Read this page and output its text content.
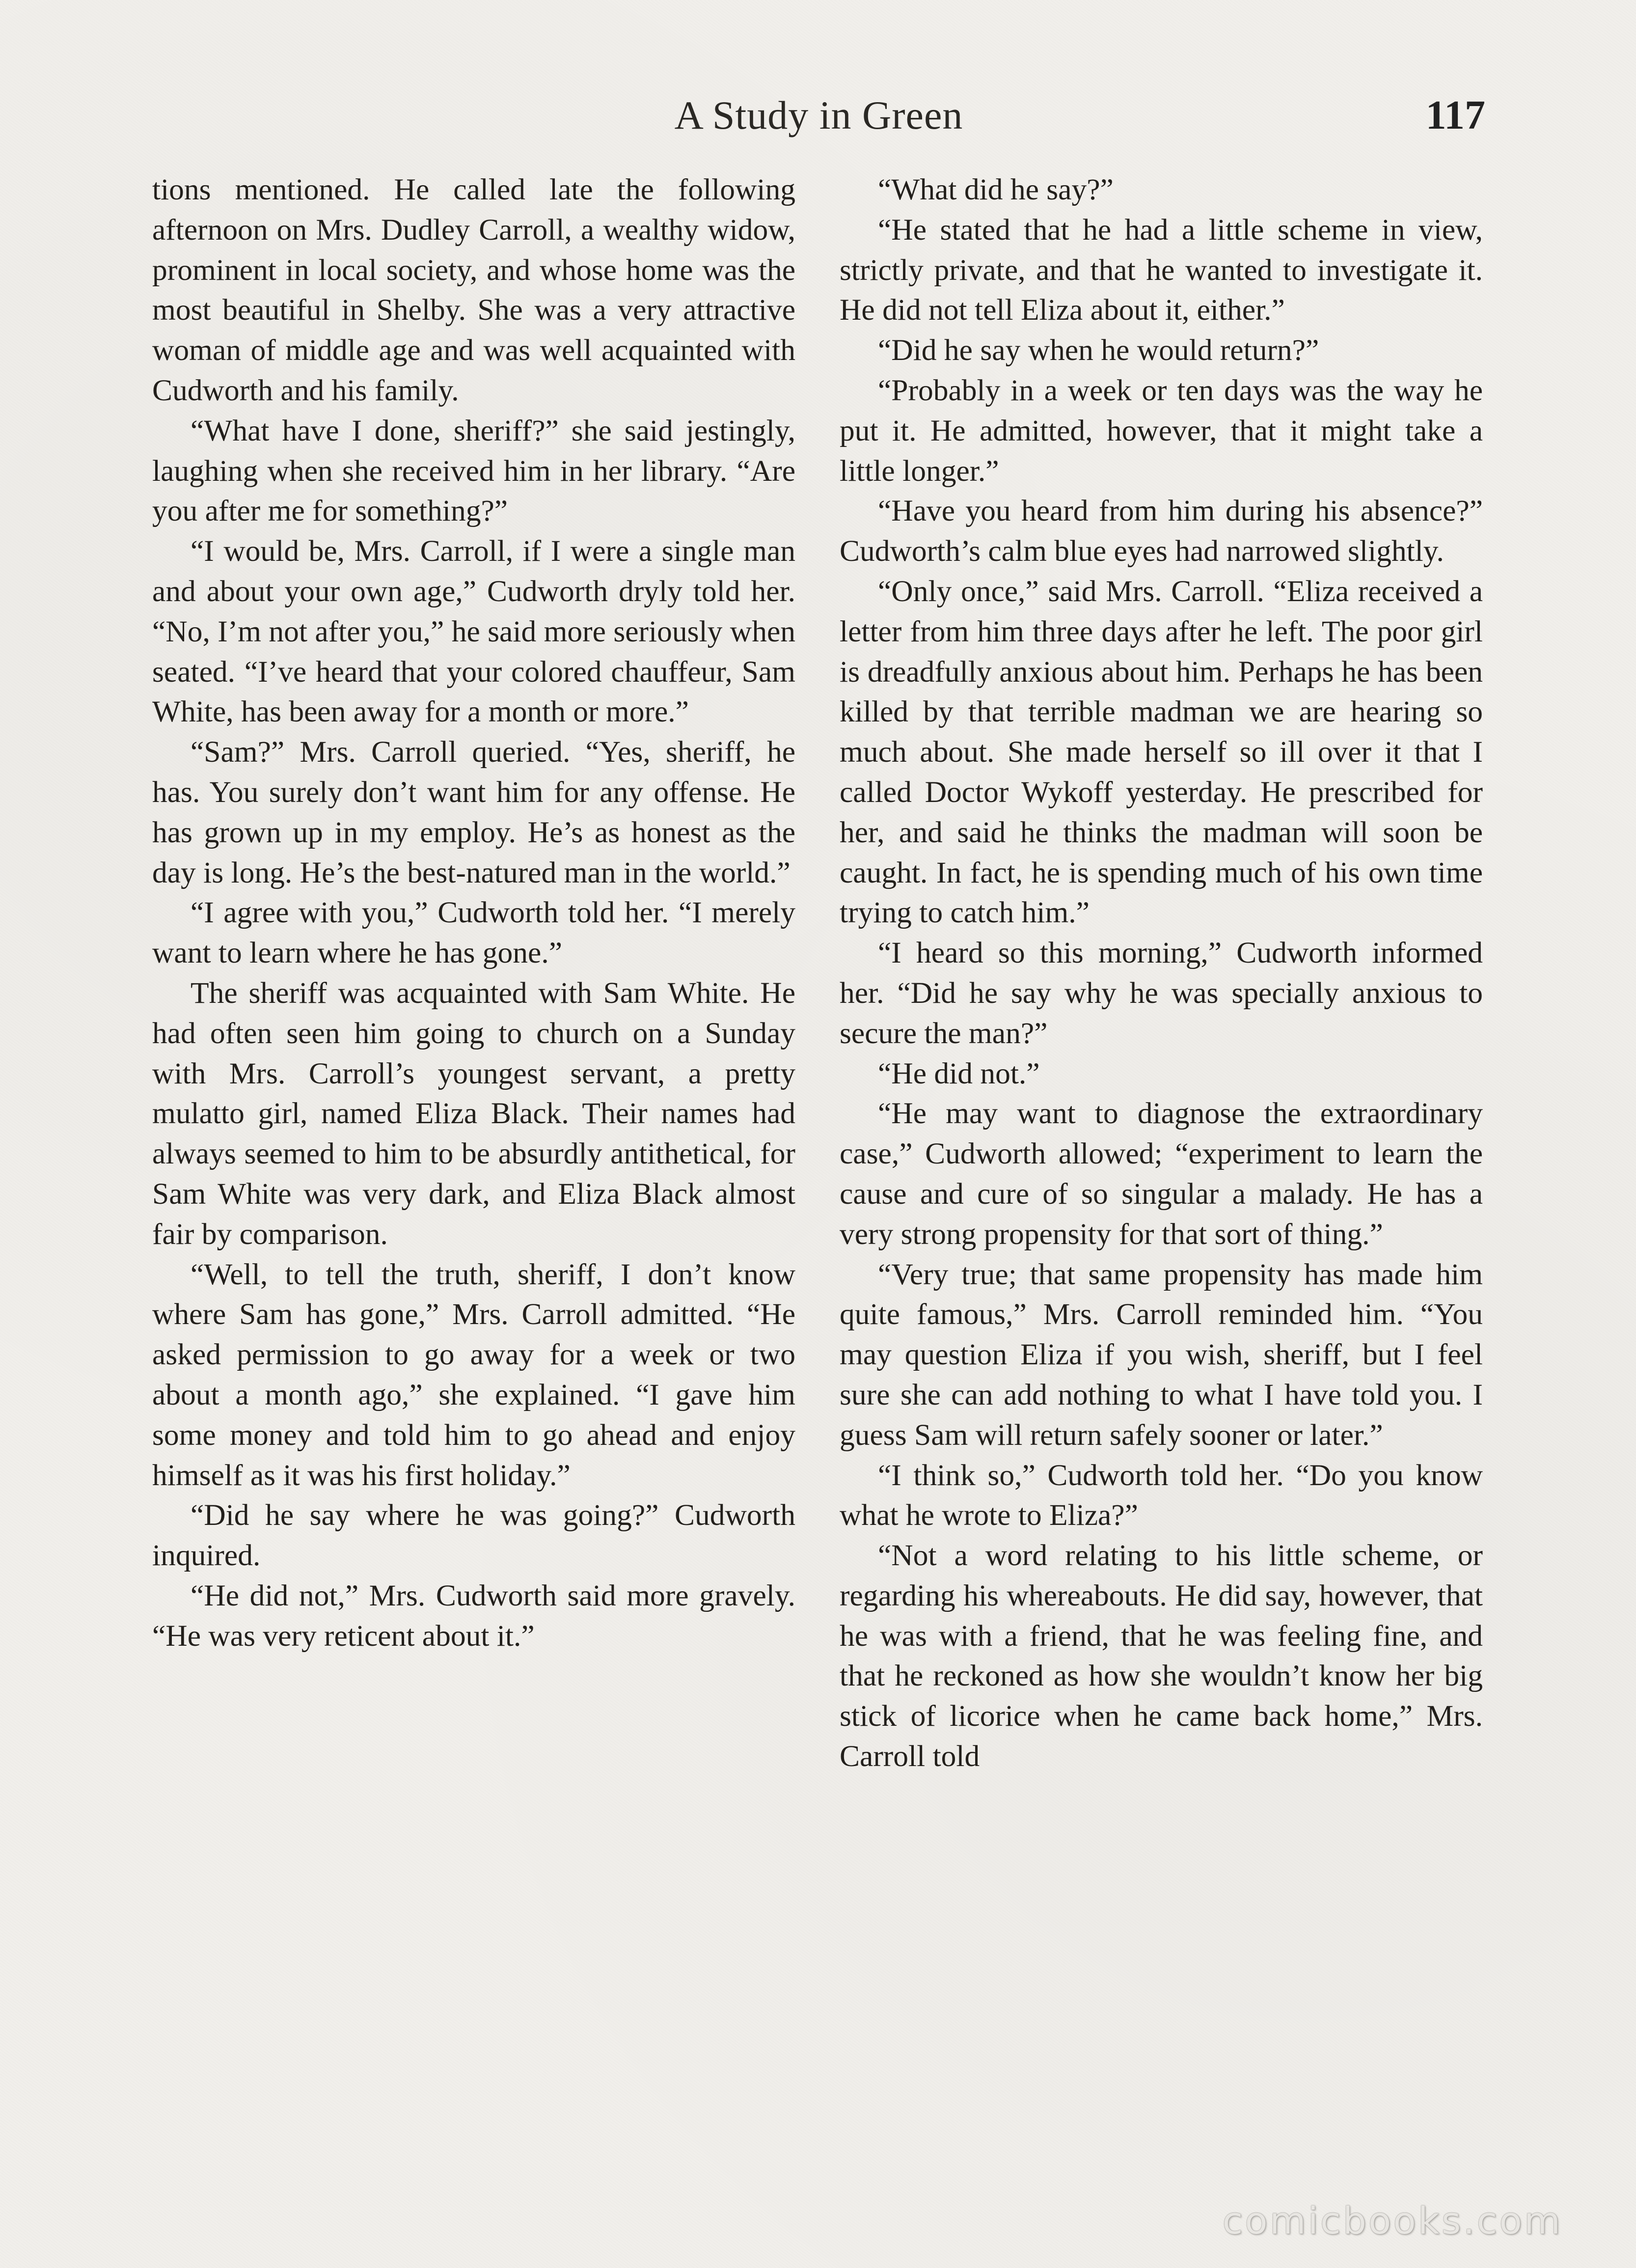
A Study in Green	117

tions mentioned. He called late the following afternoon on Mrs. Dudley Carroll, a wealthy widow, prominent in local society, and whose home was the most beautiful in Shelby. She was a very attractive woman of middle age and was well acquainted with Cudworth and his family.

“What have I done, sheriff?” she said jestingly, laughing when she received him in her library. “Are you after me for something?”

“I would be, Mrs. Carroll, if I were a single man and about your own age,” Cudworth dryly told her. “No, I’m not after you,” he said more seriously when seated. “I’ve heard that your colored chauffeur, Sam White, has been away for a month or more.”

“Sam?” Mrs. Carroll queried. “Yes, sheriff, he has. You surely don’t want him for any offense. He has grown up in my employ. He’s as honest as the day is long. He’s the best-natured man in the world.”

“I agree with you,” Cudworth told her. “I merely want to learn where he has gone.”

The sheriff was acquainted with Sam White. He had often seen him going to church on a Sunday with Mrs. Carroll’s youngest servant, a pretty mulatto girl, named Eliza Black. Their names had always seemed to him to be absurdly antithetical, for Sam White was very dark, and Eliza Black almost fair by comparison.

“Well, to tell the truth, sheriff, I don’t know where Sam has gone,” Mrs. Carroll admitted. “He asked permission to go away for a week or two about a month ago,” she explained. “I gave him some money and told him to go ahead and enjoy himself as it was his first holiday.”

“Did he say where he was going?” Cudworth inquired.

“He did not,” Mrs. Cudworth said more gravely. “He was very reticent about it.”

“What did he say?”

“He stated that he had a little scheme in view, strictly private, and that he wanted to investigate it. He did not tell Eliza about it, either.”

“Did he say when he would return?”

“Probably in a week or ten days was the way he put it. He admitted, however, that it might take a little longer.”

“Have you heard from him during his absence?” Cudworth’s calm blue eyes had narrowed slightly.

“Only once,” said Mrs. Carroll. “Eliza received a letter from him three days after he left. The poor girl is dreadfully anxious about him. Perhaps he has been killed by that terrible madman we are hearing so much about. She made herself so ill over it that I called Doctor Wykoff yesterday. He prescribed for her, and said he thinks the madman will soon be caught. In fact, he is spending much of his own time trying to catch him.”

“I heard so this morning,” Cudworth informed her. “Did he say why he was specially anxious to secure the man?”

“He did not.”

“He may want to diagnose the extraordinary case,” Cudworth allowed; “experiment to learn the cause and cure of so singular a malady. He has a very strong propensity for that sort of thing.”

“Very true; that same propensity has made him quite famous,” Mrs. Carroll reminded him. “You may question Eliza if you wish, sheriff, but I feel sure she can add nothing to what I have told you. I guess Sam will return safely sooner or later.”

“I think so,” Cudworth told her. “Do you know what he wrote to Eliza?”

“Not a word relating to his little scheme, or regarding his whereabouts. He did say, however, that he was with a friend, that he was feeling fine, and that he reckoned as how she wouldn’t know her big stick of licorice when he came back home,” Mrs. Carroll told

comicbooks.com
